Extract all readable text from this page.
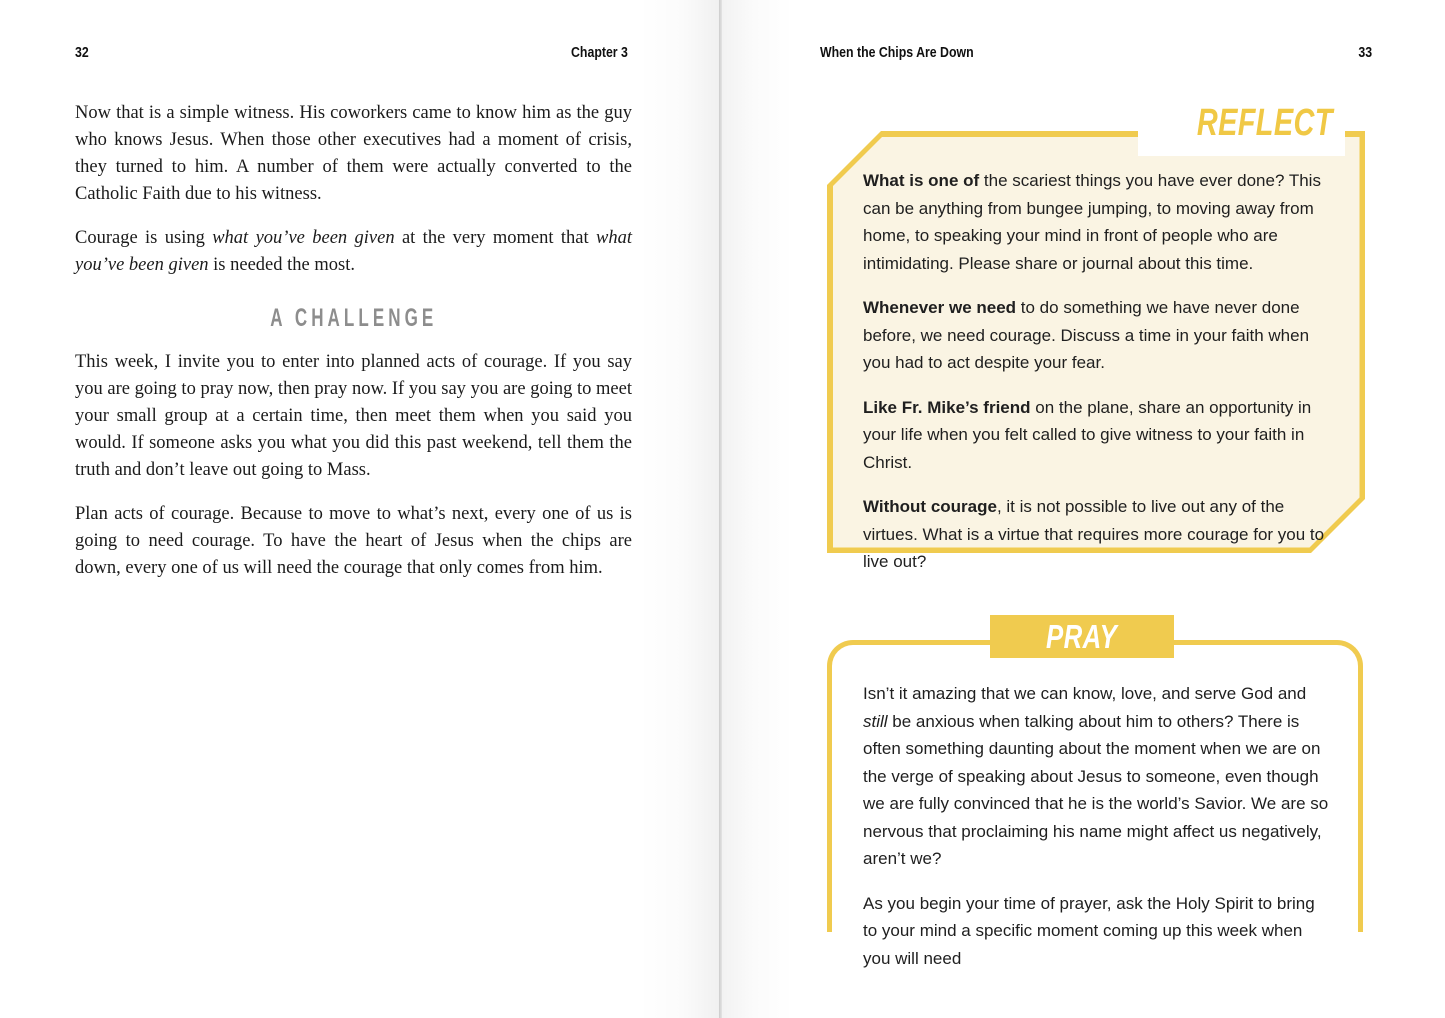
32	Chapter 3

Now that is a simple witness. His coworkers came to know him as the guy who knows Jesus. When those other executives had a moment of crisis, they turned to him. A number of them were actually converted to the Catholic Faith due to his witness.

Courage is using what you’ve been given at the very moment that what you’ve been given is needed the most.

A CHALLENGE

This week, I invite you to enter into planned acts of courage. If you say you are going to pray now, then pray now. If you say you are going to meet your small group at a certain time, then meet them when you said you would. If someone asks you what you did this past weekend, tell them the truth and don’t leave out going to Mass.

Plan acts of courage. Because to move to what’s next, every one of us is going to need courage. To have the heart of Jesus when the chips are down, every one of us will need the courage that only comes from him.

When the Chips Are Down	33
REFLECT

What is one of the scariest things you have ever done? This can be anything from bungee jumping, to moving away from home, to speaking your mind in front of people who are intimidating. Please share or journal about this time.

Whenever we need to do something we have never done before, we need courage. Discuss a time in your faith when you had to act despite your fear.

Like Fr. Mike’s friend on the plane, share an opportunity in your life when you felt called to give witness to your faith in Christ.

Without courage, it is not possible to live out any of the virtues. What is a virtue that requires more courage for you to live out?

PRAY

Isn’t it amazing that we can know, love, and serve God and still be anxious when talking about him to others? There is often something daunting about the moment when we are on the verge of speaking about Jesus to someone, even though we are fully convinced that he is the world’s Savior. We are so nervous that proclaiming his name might affect us negatively, aren’t we?

As you begin your time of prayer, ask the Holy Spirit to bring to your mind a specific moment coming up this week when you will need
